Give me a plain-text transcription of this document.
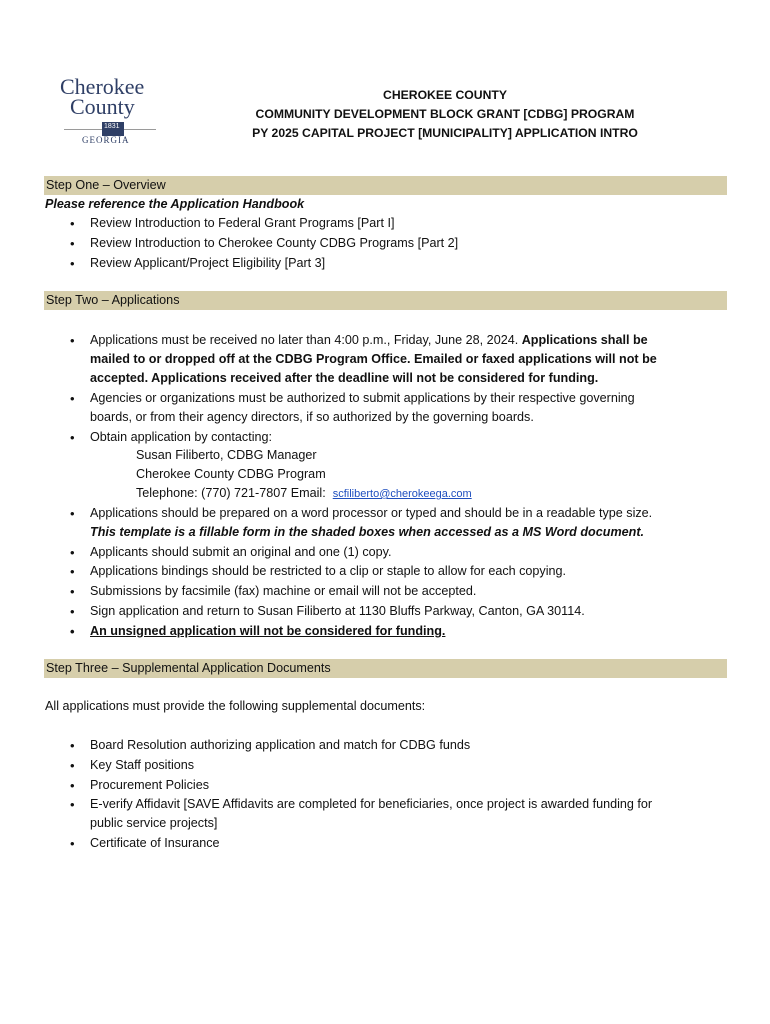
Cherokee
County
1831
GEORGIA
CHEROKEE COUNTY
COMMUNITY DEVELOPMENT BLOCK GRANT [CDBG] PROGRAM
PY 2025 CAPITAL PROJECT [MUNICIPALITY] APPLICATION INTRO
Step One – Overview
Please reference the Application Handbook
• Review Introduction to Federal Grant Programs [Part I]
• Review Introduction to Cherokee County CDBG Programs [Part 2]
• Review Applicant/Project Eligibility [Part 3]
Step Two – Applications
• Applications must be received no later than 4:00 p.m., Friday, June 28, 2024. Applications shall be
mailed to or dropped off at the CDBG Program Office. Emailed or faxed applications will not be
accepted. Applications received after the deadline will not be considered for funding.
• Agencies or organizations must be authorized to submit applications by their respective governing
boards, or from their agency directors, if so authorized by the governing boards.
• Obtain application by contacting:
Susan Filiberto, CDBG Manager
Cherokee County CDBG Program
Telephone: (770) 721-7807 Email: scfiliberto@cherokeega.com
• Applications should be prepared on a word processor or typed and should be in a readable type size.
This template is a fillable form in the shaded boxes when accessed as a MS Word document.
• Applicants should submit an original and one (1) copy.
• Applications bindings should be restricted to a clip or staple to allow for each copying.
• Submissions by facsimile (fax) machine or email will not be accepted.
• Sign application and return to Susan Filiberto at 1130 Bluffs Parkway, Canton, GA 30114.
• An unsigned application will not be considered for funding.
Step Three – Supplemental Application Documents
All applications must provide the following supplemental documents:
• Board Resolution authorizing application and match for CDBG funds
• Key Staff positions
• Procurement Policies
• E-verify Affidavit [SAVE Affidavits are completed for beneficiaries, once project is awarded funding for
public service projects]
• Certificate of Insurance
